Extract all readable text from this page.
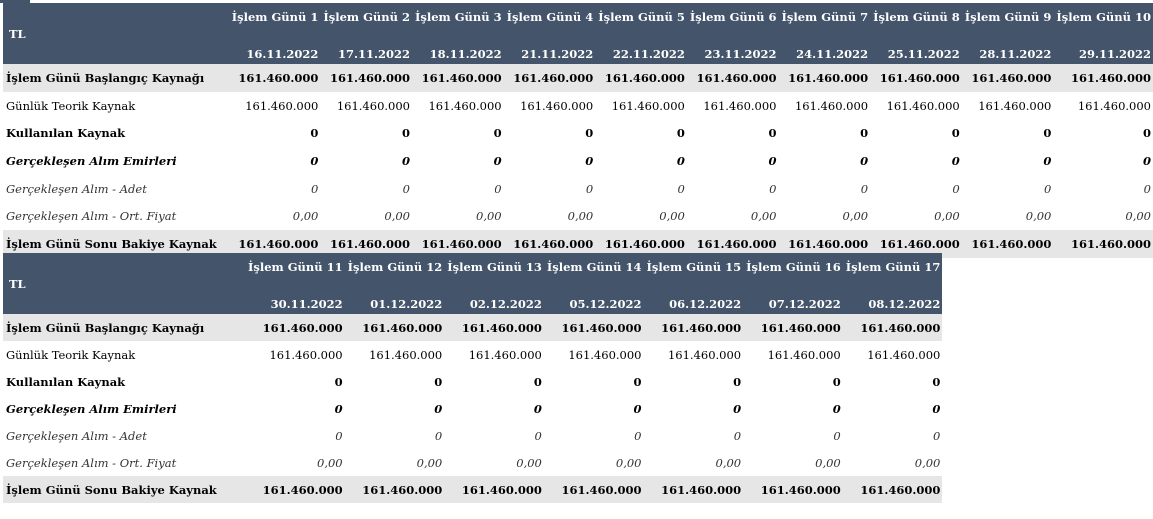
TL	İşlem Günü 1	İşlem Günü 2	İşlem Günü 3	İşlem Günü 4	İşlem Günü 5	İşlem Günü 6	İşlem Günü 7	İşlem Günü 8	İşlem Günü 9	İşlem Günü 10
	16.11.2022	17.11.2022	18.11.2022	21.11.2022	22.11.2022	23.11.2022	24.11.2022	25.11.2022	28.11.2022	29.11.2022
İşlem Günü Başlangıç Kaynağı	161.460.000	161.460.000	161.460.000	161.460.000	161.460.000	161.460.000	161.460.000	161.460.000	161.460.000	161.460.000
Günlük Teorik Kaynak	161.460.000	161.460.000	161.460.000	161.460.000	161.460.000	161.460.000	161.460.000	161.460.000	161.460.000	161.460.000
Kullanılan Kaynak	0	0	0	0	0	0	0	0	0	0
Gerçekleşen Alım Emirleri	0	0	0	0	0	0	0	0	0	0
Gerçekleşen Alım - Adet	0	0	0	0	0	0	0	0	0	0
Gerçekleşen Alım - Ort. Fiyat	0,00	0,00	0,00	0,00	0,00	0,00	0,00	0,00	0,00	0,00
İşlem Günü Sonu Bakiye Kaynak	161.460.000	161.460.000	161.460.000	161.460.000	161.460.000	161.460.000	161.460.000	161.460.000	161.460.000	161.460.000
TL	İşlem Günü 11	İşlem Günü 12	İşlem Günü 13	İşlem Günü 14	İşlem Günü 15	İşlem Günü 16	İşlem Günü 17
	30.11.2022	01.12.2022	02.12.2022	05.12.2022	06.12.2022	07.12.2022	08.12.2022
İşlem Günü Başlangıç Kaynağı	161.460.000	161.460.000	161.460.000	161.460.000	161.460.000	161.460.000	161.460.000
Günlük Teorik Kaynak	161.460.000	161.460.000	161.460.000	161.460.000	161.460.000	161.460.000	161.460.000
Kullanılan Kaynak	0	0	0	0	0	0	0
Gerçekleşen Alım Emirleri	0	0	0	0	0	0	0
Gerçekleşen Alım - Adet	0	0	0	0	0	0	0
Gerçekleşen Alım - Ort. Fiyat	0,00	0,00	0,00	0,00	0,00	0,00	0,00
İşlem Günü Sonu Bakiye Kaynak	161.460.000	161.460.000	161.460.000	161.460.000	161.460.000	161.460.000	161.460.000
